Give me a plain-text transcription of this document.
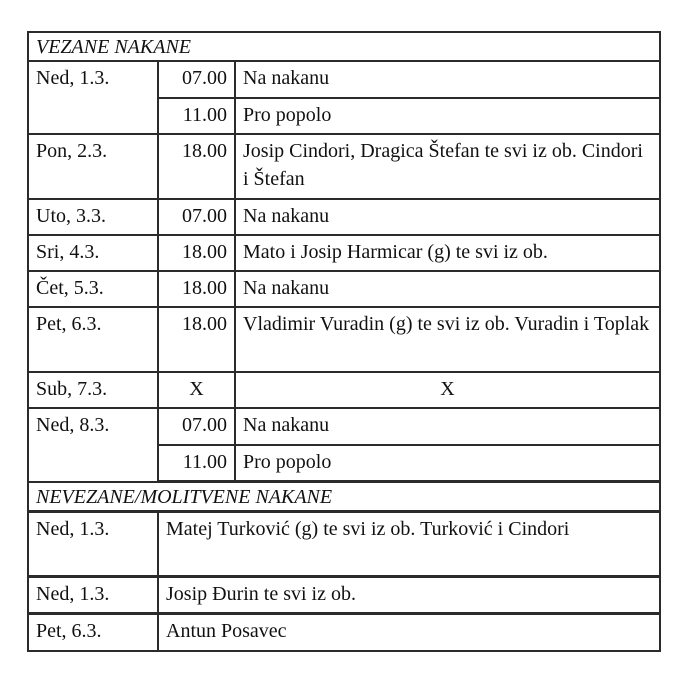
VEZANE NAKANE		
Ned, 1.3.	07.00	Na nakanu
	11.00	Pro popolo
Pon, 2.3.	18.00	Josip Cindori, Dragica Štefan te svi iz ob. Cindori i Štefan
Uto, 3.3.	07.00	Na nakanu
Sri, 4.3.	18.00	Mato i Josip Harmicar (g) te svi iz ob.
Čet, 5.3.	18.00	Na nakanu
Pet, 6.3.	18.00	Vladimir Vuradin (g) te svi iz ob. Vuradin i Toplak
Sub, 7.3.	X	X
Ned, 8.3.	07.00	Na nakanu
	11.00	Pro popolo
NEVEZANE/MOLITVENE NAKANE		
Ned, 1.3.	Matej Turković (g) te svi iz ob. Turković i Cindori	
Ned, 1.3.	Josip Đurin te svi iz ob.	
Pet, 6.3.	Antun Posavec	
